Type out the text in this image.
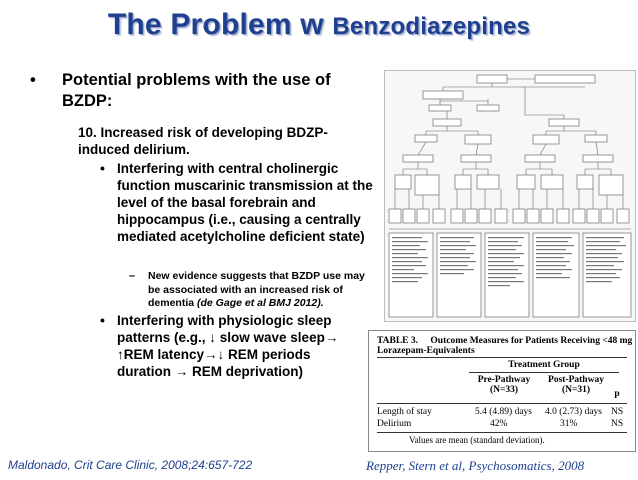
The Problem w Benzodiazepines
• Potential problems with the use of BZDP:
10. Increased risk of developing BDZP-induced delirium.
• Interfering with central cholinergic function muscarinic transmission at the level of the basal forebrain and hippocampus (i.e., causing a centrally mediated acetylcholine deficient state)
– New evidence suggests that BZDP use may be associated with an increased risk of dementia (de Gage et al BMJ 2012).
• Interfering with physiologic sleep patterns (e.g., ↓ slow wave sleep→
↑REM latency→↓ REM periods duration → REM deprivation)
TABLE 3. Outcome Measures for Patients Receiving <48 mg Lorazepam-Equivalents
Treatment Group
Pre-Pathway
(N=33)
Post-Pathway
(N=31)	p
Length of stay	5.4 (4.89) days 4.0 (2.73) days NS
Delirium	42%	31%	NS
Values are mean (standard deviation).
Maldonado, Crit Care Clinic, 2008;24:657-722	Repper, Stern et al, Psychosomatics, 2008
